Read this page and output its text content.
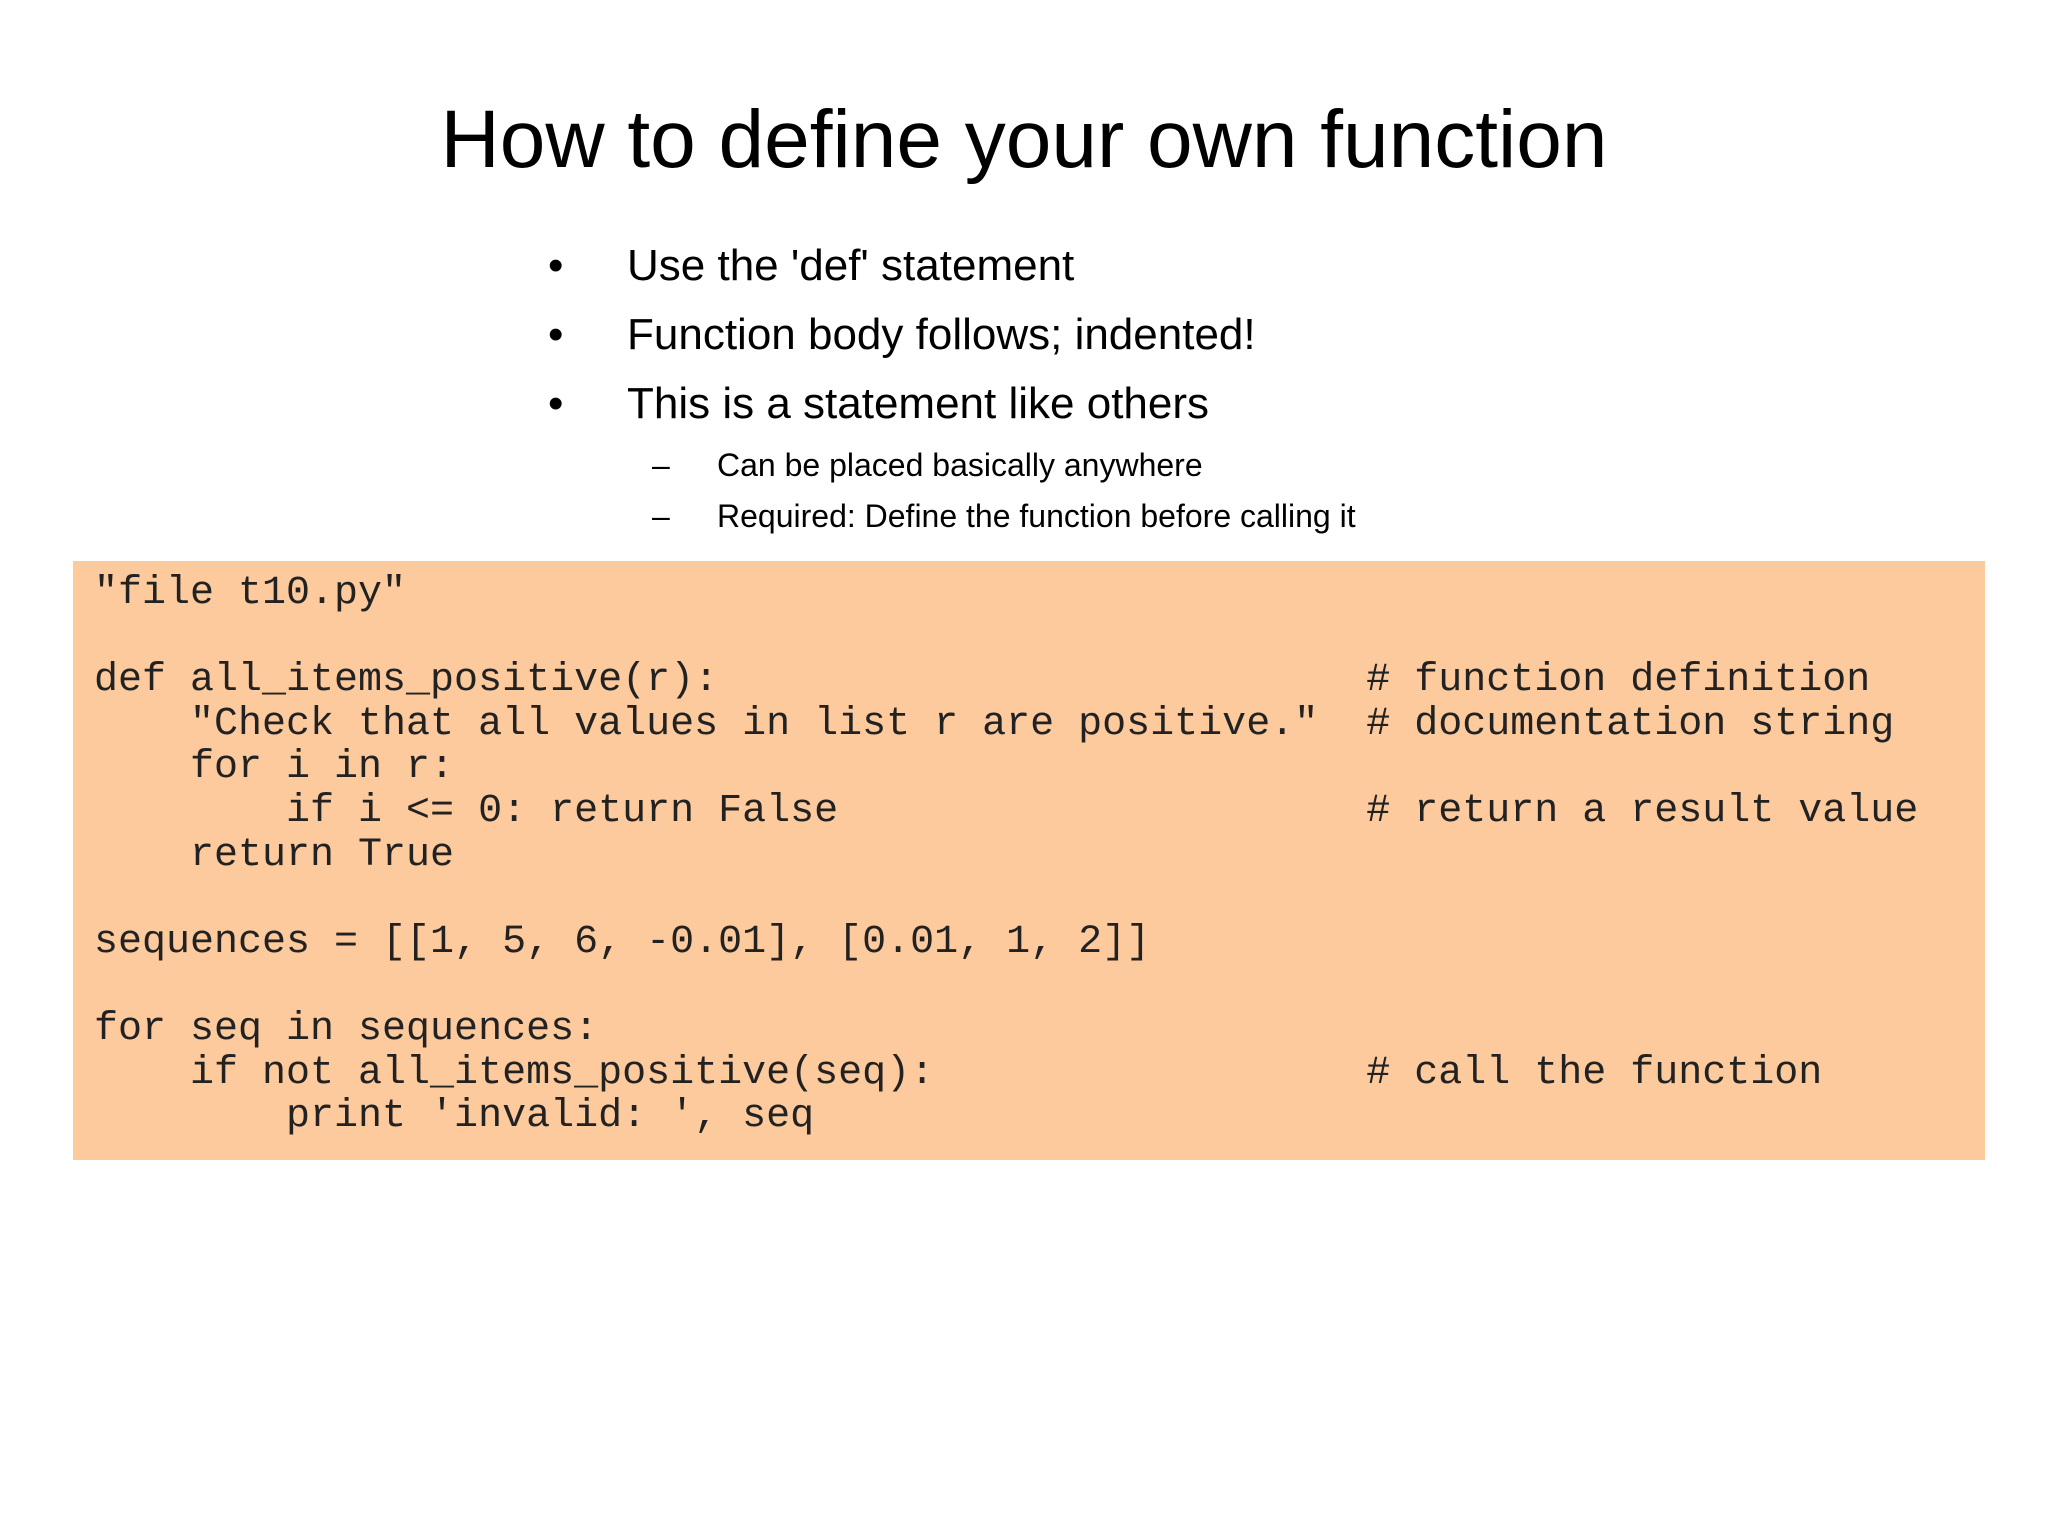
How to define your own function
•	Use the 'def' statement
•	Function body follows; indented!
•	This is a statement like others
– Can be placed basically anywhere
– Required: Define the function before calling it
"file t10.py"
def all_items_positive(r):                           # function definition
"Check that all values in list r are positive."  # documentation string
for i in r:
if i <= 0: return False                      # return a result value
return True
sequences = [[1, 5, 6, -0.01], [0.01, 1, 2]]
for seq in sequences:
if not all_items_positive(seq):                  # call the function
print 'invalid: ', seq
